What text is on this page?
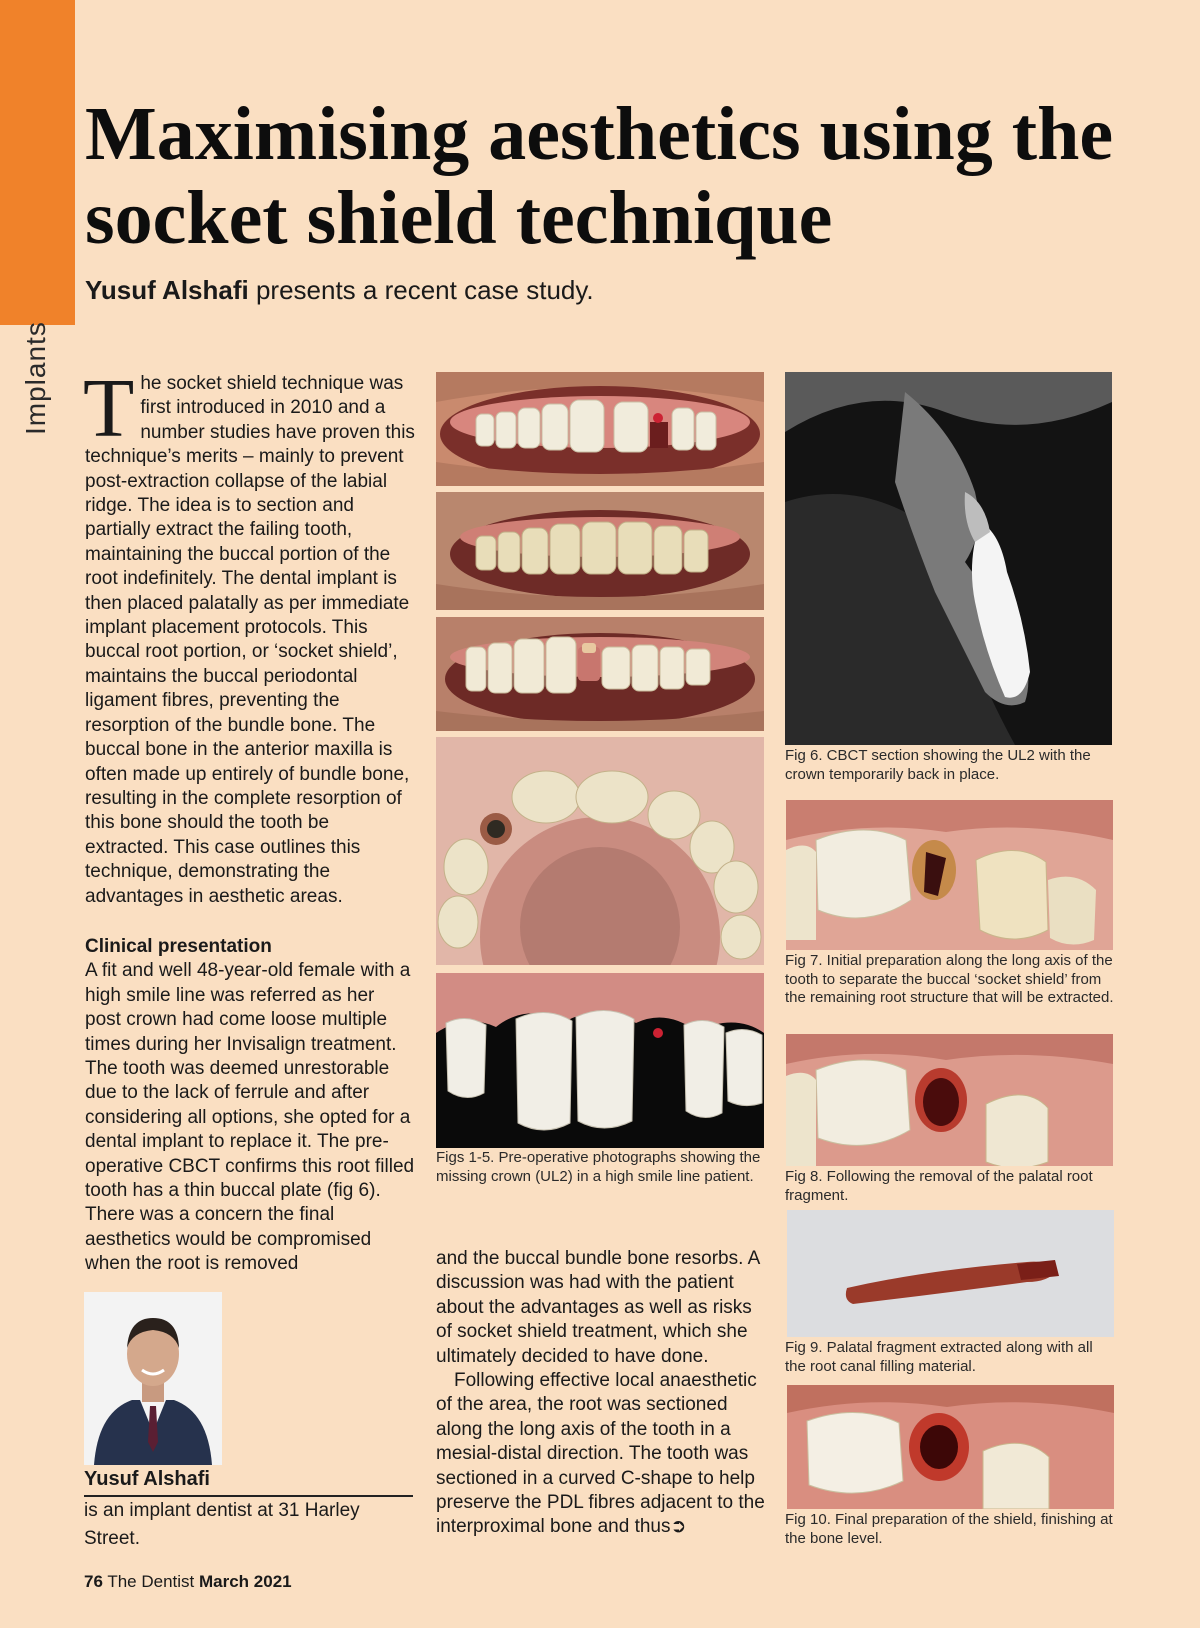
Implants
Maximising aesthetics using the
socket shield technique
Yusuf Alshafi presents a recent case study.

The socket shield technique was first introduced in 2010 and a number studies have proven this technique’s merits – mainly to prevent post-extraction collapse of the labial ridge. The idea is to section and partially extract the failing tooth, maintaining the buccal portion of the root indefinitely. The dental implant is then placed palatally as per immediate implant placement protocols. This buccal root portion, or ‘socket shield’, maintains the buccal periodontal ligament fibres, preventing the resorption of the bundle bone. The buccal bone in the anterior maxilla is often made up entirely of bundle bone, resulting in the complete resorption of this bone should the tooth be extracted. This case outlines this technique, demonstrating the advantages in aesthetic areas.

Clinical presentation

A fit and well 48-year-old female with a high smile line was referred as her post crown had come loose multiple times during her Invisalign treatment. The tooth was deemed unrestorable due to the lack of ferrule and after considering all options, she opted for a dental implant to replace it. The pre-operative CBCT confirms this root filled tooth has a thin buccal plate (fig 6). There was a concern the final aesthetics would be compromised when the root is removed

Figs 1-5. Pre-operative photographs showing the missing crown (UL2) in a high smile line patient.

and the buccal bundle bone resorbs. A discussion was had with the patient about the advantages as well as risks of socket shield treatment, which she ultimately decided to have done.

Following effective local anaesthetic of the area, the root was sectioned along the long axis of the tooth in a mesial-distal direction. The tooth was sectioned in a curved C-shape to help preserve the PDL fibres adjacent to the interproximal bone and thus➲

Fig 6. CBCT section showing the UL2 with the crown temporarily back in place.
Fig 7. Initial preparation along the long axis of the tooth to separate the buccal ‘socket shield’ from the remaining root structure that will be extracted.
Fig 8. Following the removal of the palatal root fragment.
Fig 9. Palatal fragment extracted along with all the root canal filling material.
Fig 10. Final preparation of the shield, finishing at the bone level.
Yusuf Alshafi
is an implant dentist at 31 Harley Street.
76 The Dentist March 2021
